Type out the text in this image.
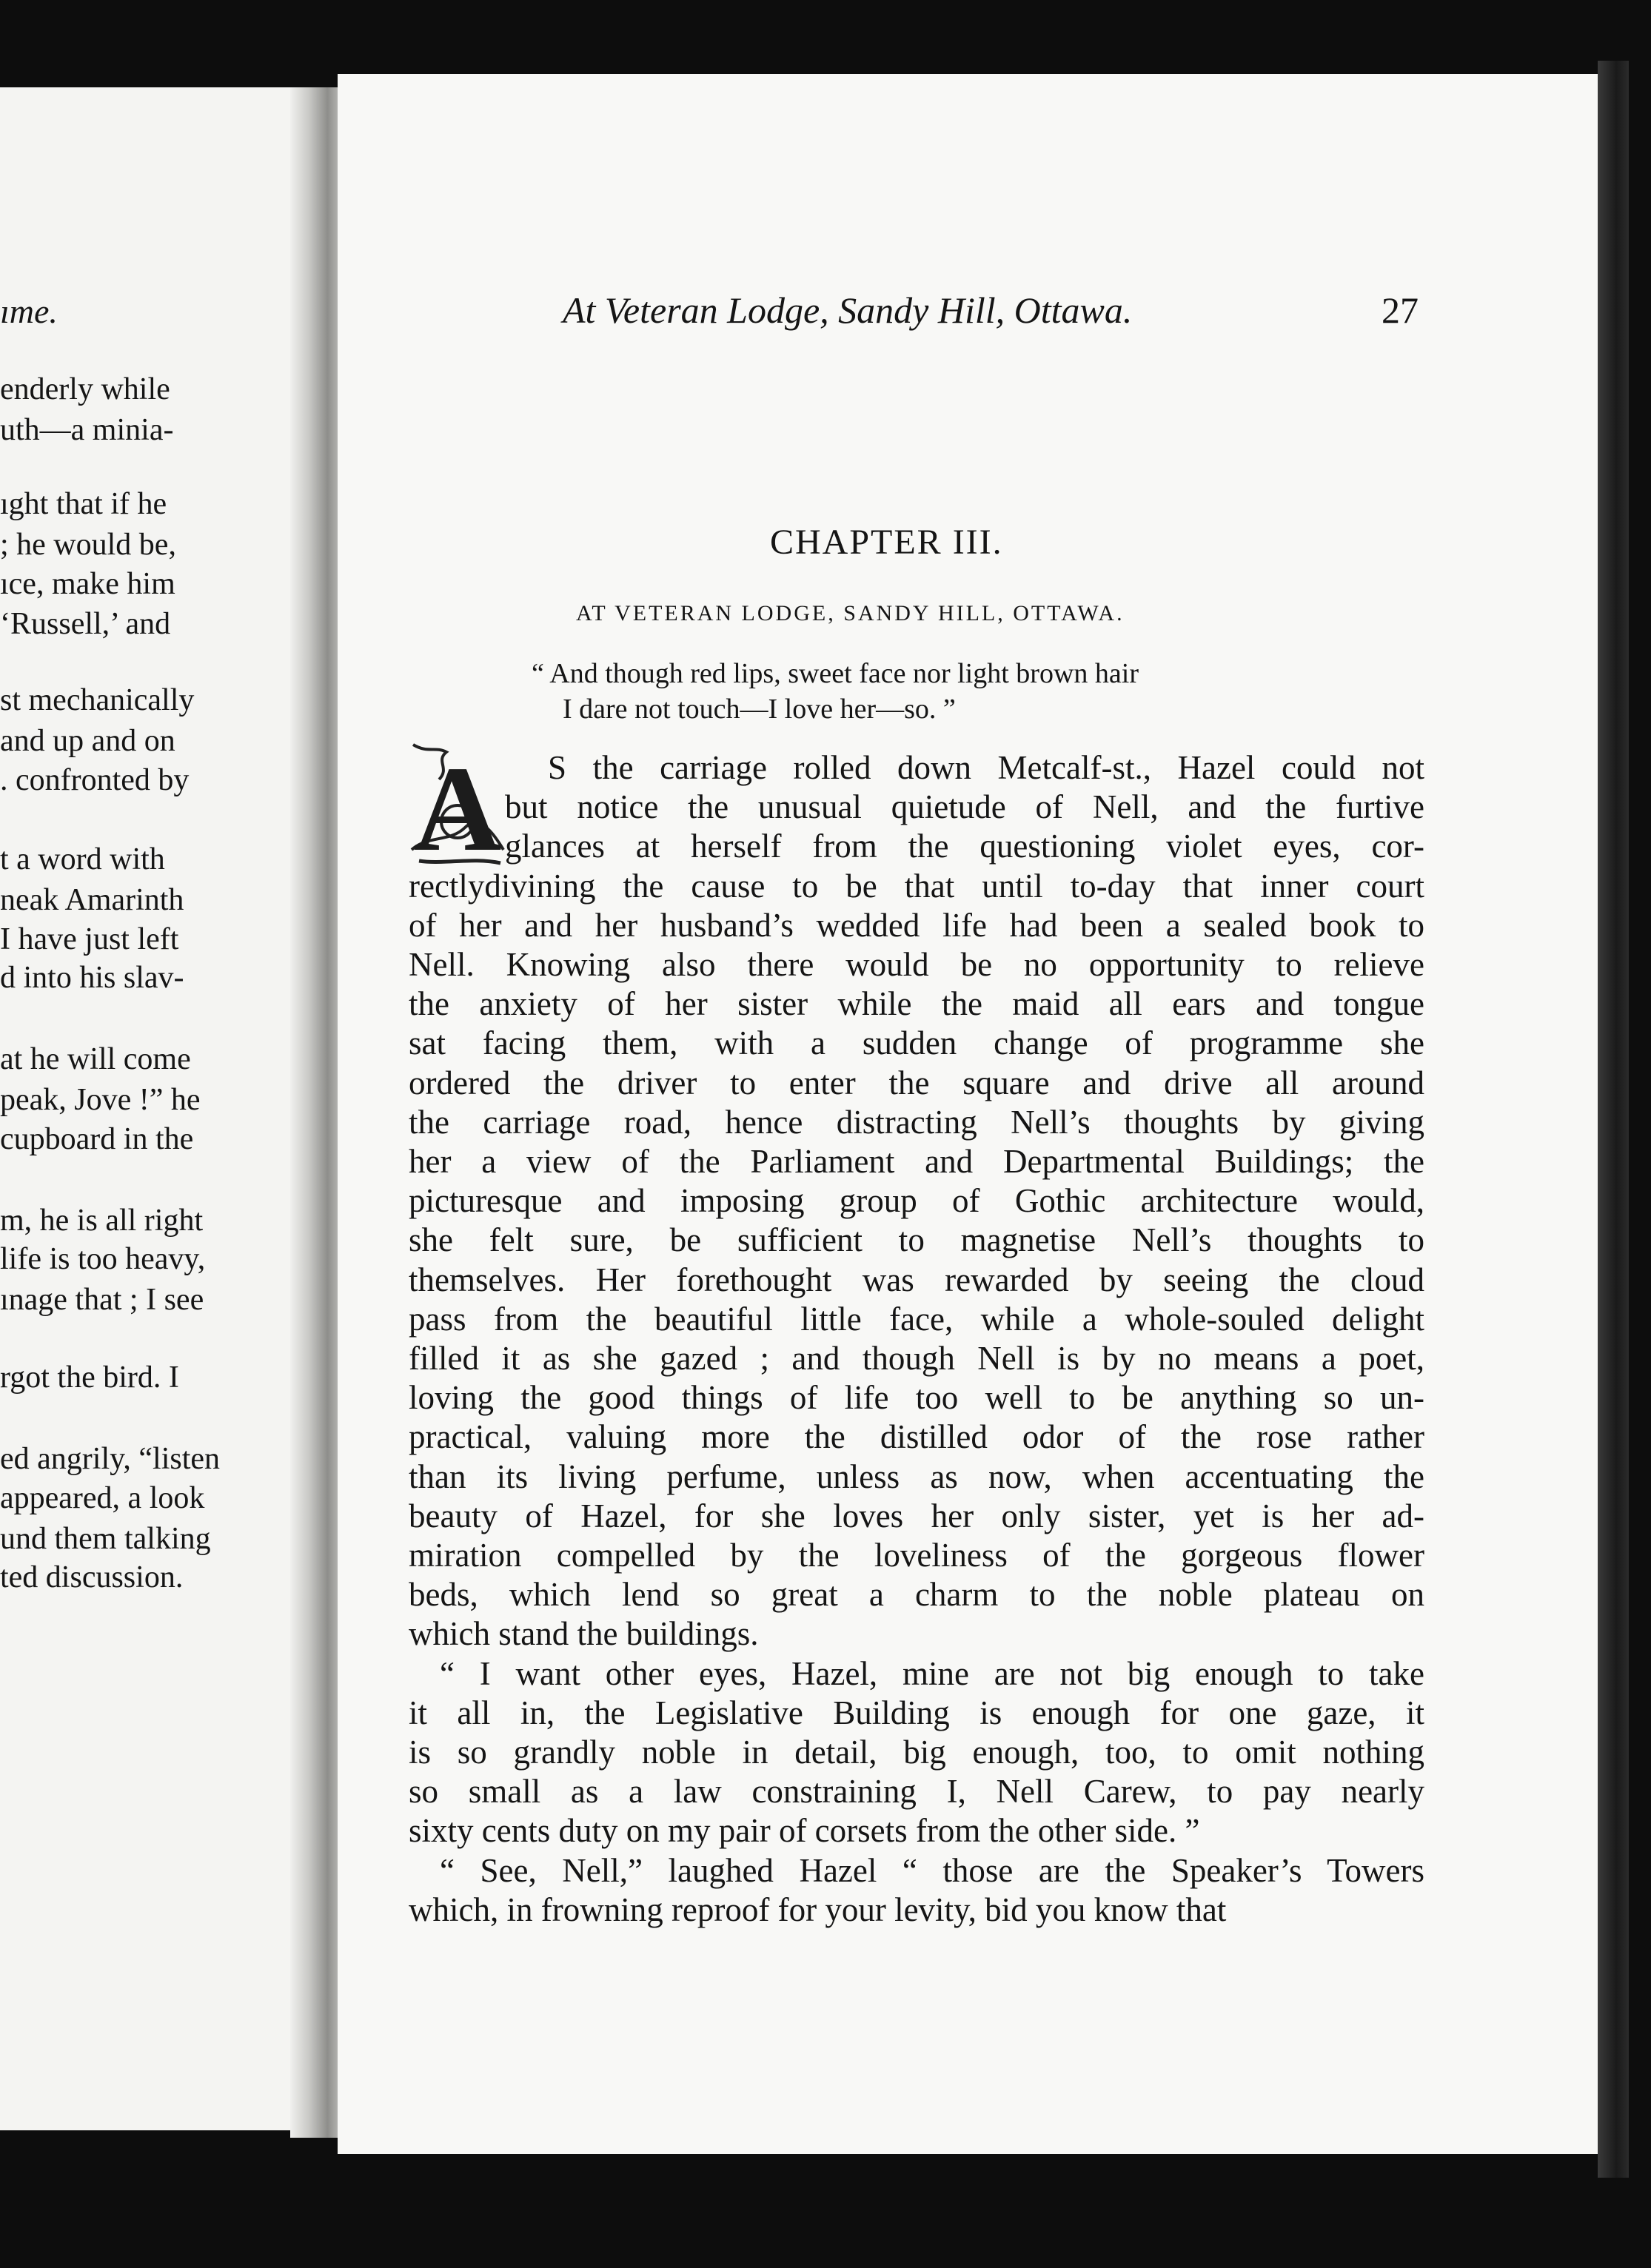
ıme.
enderly while
uth—a minia-
ıght that if he
; he would be,
ıce, make him
‘Russell,’ and
st mechanically
and up and on
. confronted by
t a word with
neak Amarinth
I have just left
d into his slav-
at he will come
peak, Jove !” he
cupboard in the
m, he is all right
life is too heavy,
ınage that ; I see
rgot the bird. I
ed angrily, “listen
appeared, a look
und them talking
ted discussion.
At Veteran Lodge, Sandy Hill, Ottawa.	27
CHAPTER III.
AT VETERAN LODGE, SANDY HILL, OTTAWA.
“ And though red lips, sweet face nor light brown hair
I dare not touch—I love her—so. ”
A S the carriage rolled down Metcalf-st., Hazel could not
but notice the unusual quietude of Nell, and the furtive
glances at herself from the questioning violet eyes, cor-
rectlydivining the cause to be that until to-day that inner court
of her and her husband’s wedded life had been a sealed book to
Nell. Knowing also there would be no opportunity to relieve
the anxiety of her sister while the maid all ears and tongue
sat facing them, with a sudden change of programme she
ordered the driver to enter the square and drive all around
the carriage road, hence distracting Nell’s thoughts by giving
her a view of the Parliament and Departmental Buildings; the
picturesque and imposing group of Gothic architecture would,
she felt sure, be sufficient to magnetise Nell’s thoughts to
themselves. Her forethought was rewarded by seeing the cloud
pass from the beautiful little face, while a whole-souled delight
filled it as she gazed ; and though Nell is by no means a poet,
loving the good things of life too well to be anything so un-
practical, valuing more the distilled odor of the rose rather
than its living perfume, unless as now, when accentuating the
beauty of Hazel, for she loves her only sister, yet is her ad-
miration compelled by the loveliness of the gorgeous flower
beds, which lend so great a charm to the noble plateau on
which stand the buildings.
“ I want other eyes, Hazel, mine are not big enough to take
it all in, the Legislative Building is enough for one gaze, it
is so grandly noble in detail, big enough, too, to omit nothing
so small as a law constraining I, Nell Carew, to pay nearly
sixty cents duty on my pair of corsets from the other side. ”
“ See, Nell,” laughed Hazel “ those are the Speaker’s Towers
which, in frowning reproof for your levity, bid you know that
